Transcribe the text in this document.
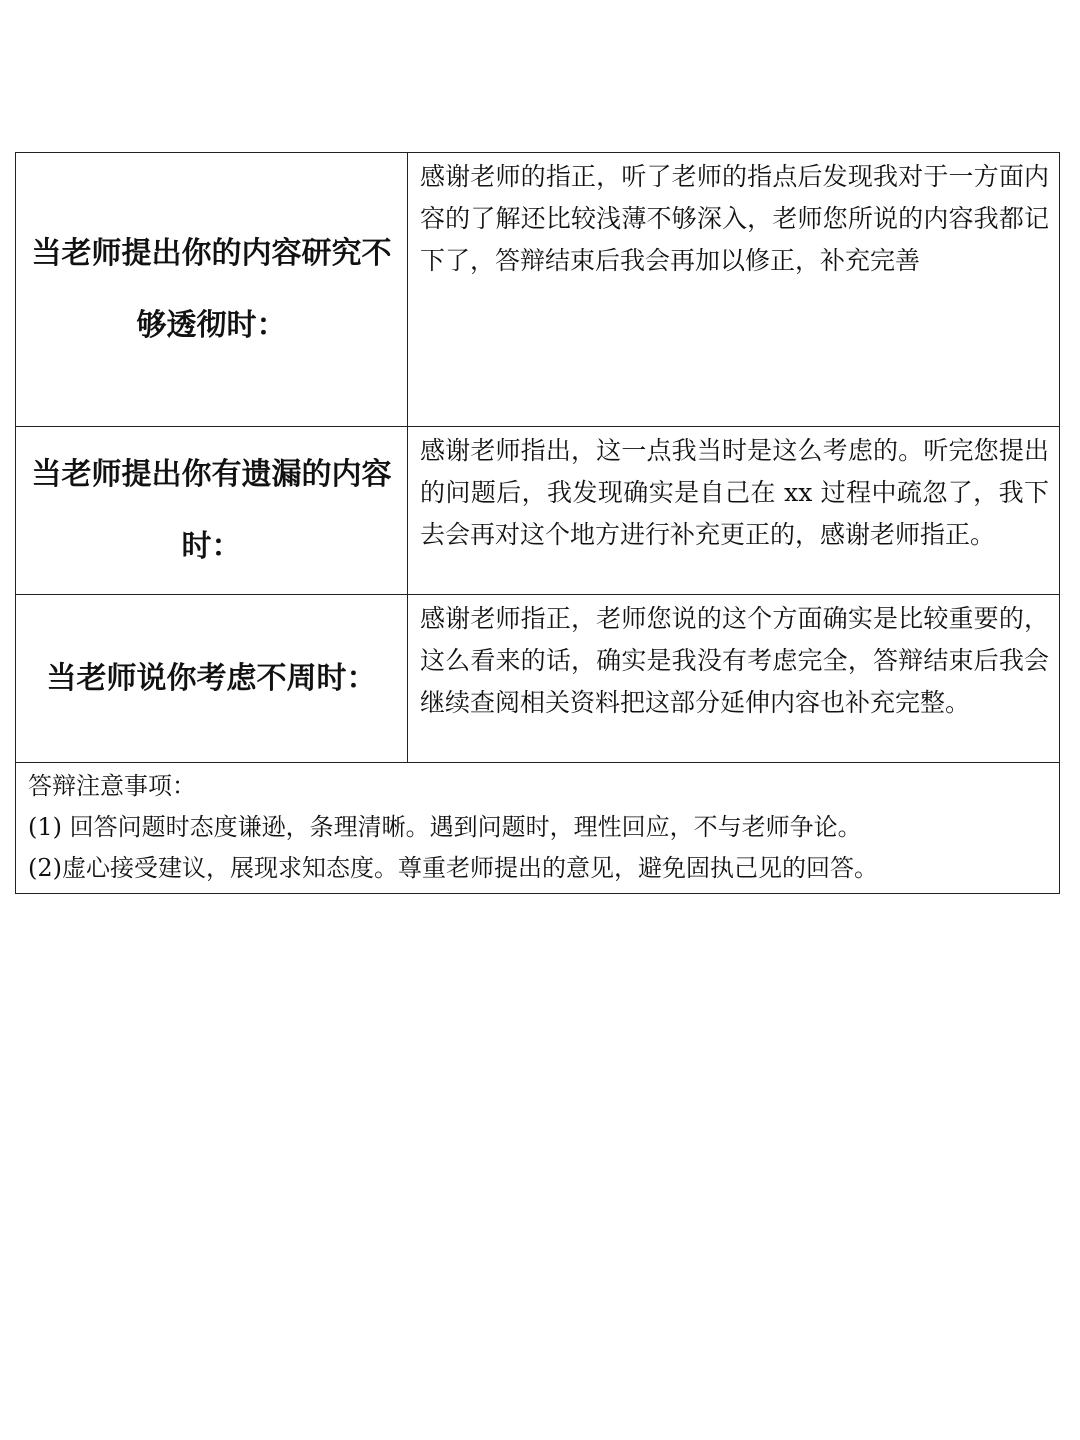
当老师提出你的内容研究不够透彻时：	感谢老师的指正，听了老师的指点后发现我对于一方面内容的了解还比较浅薄不够深入，老师您所说的内容我都记下了，答辩结束后我会再加以修正，补充完善
当老师提出你有遗漏的内容时：	感谢老师指出，这一点我当时是这么考虑的。听完您提出的问题后，我发现确实是自己在 xx 过程中疏忽了，我下去会再对这个地方进行补充更正的，感谢老师指正。
当老师说你考虑不周时：	感谢老师指正，老师您说的这个方面确实是比较重要的，这么看来的话，确实是我没有考虑完全，答辩结束后我会继续查阅相关资料把这部分延伸内容也补充完整。

答辩注意事项：
(1) 回答问题时态度谦逊，条理清晰。遇到问题时，理性回应，不与老师争论。
(2)虚心接受建议，展现求知态度。尊重老师提出的意见，避免固执己见的回答。	
